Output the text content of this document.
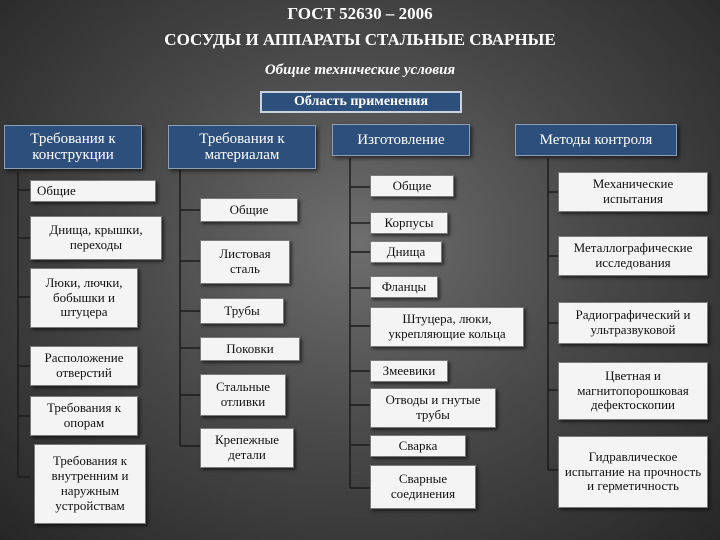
ГОСТ 52630 – 2006
СОСУДЫ И АППАРАТЫ СТАЛЬНЫЕ СВАРНЫЕ
Общие технические условия
Область применения
Требования к конструкции
Общие
Днища, крышки, переходы
Люки, лючки, бобышки и штуцера
Расположение отверстий
Требования к опорам
Требования к внутренним и наружным устройствам
Требования к материалам
Общие
Листовая сталь
Трубы
Поковки
Стальные отливки
Крепежные детали
Изготовление
Общие
Корпусы
Днища
Фланцы
Штуцера, люки, укрепляющие кольца
Змеевики
Отводы и гнутые трубы
Сварка
Сварные соединения
Методы контроля
Механические испытания
Металлографические исследования
Радиографический и ультразвуковой
Цветная и магнитопорошковая дефектоскопии
Гидравлическое испытание на прочность и герметичность
